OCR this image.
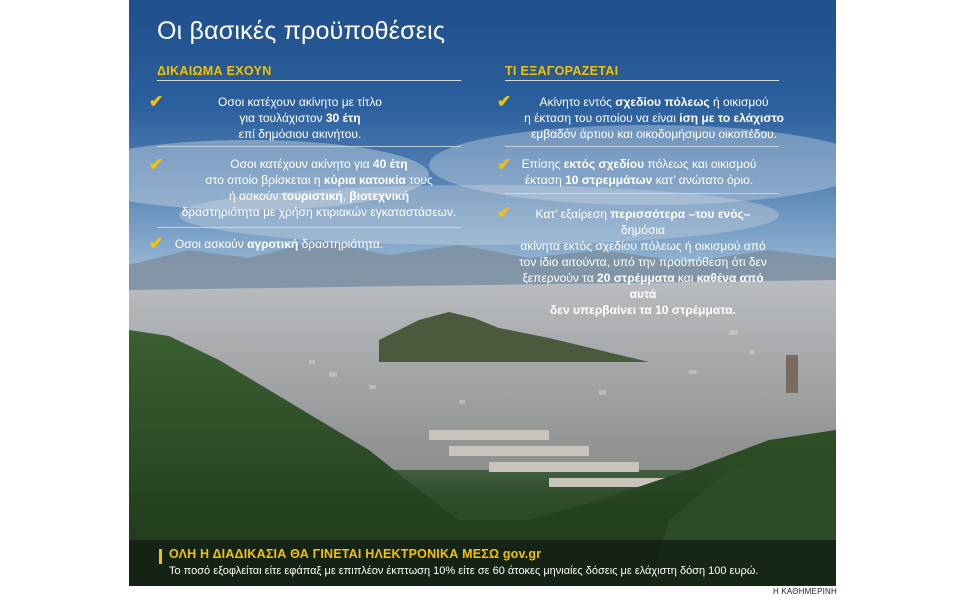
Οι βασικές προϋποθέσεις
ΔΙΚΑΙΩΜΑ ΕΧΟΥΝ
✔	Οσοι κατέχουν ακίνητο με τίτλο
για τουλάχιστον 30 έτη
επί δημόσιου ακινήτου.
✔	Οσοι κατέχουν ακίνητο για 40 έτη
στο οποίο βρίσκεται η κύρια κατοικία τους
ή ασκούν τουριστική, βιοτεχνική
δραστηριότητα με χρήση κτιριακών εγκαταστάσεων.
✔ Οσοι ασκούν αγροτική δραστηριότητα.
ΤΙ ΕΞΑΓΟΡΑΖΕΤΑΙ
✔	Ακίνητο εντός σχεδίου πόλεως ή οικισμού
η έκταση του οποίου να είναι ίση με το ελάχιστο
εμβαδόν άρτιου και οικοδομήσιμου οικοπέδου.
✔ Επίσης εκτός σχεδίου πόλεως και οικισμού
έκταση 10 στρεμμάτων κατ’ ανώτατο όριο.
✔	Κατ’ εξαίρεση περισσότερα –του ενός– δημόσια
ακίνητα εκτός σχεδίου πόλεως ή οικισμού από
τον ίδιο αιτούντα, υπό την προϋπόθεση ότι δεν
ξεπερνούν τα 20 στρέμματα και καθένα από αυτά
δεν υπερβαίνει τα 10 στρέμματα.
ΟΛΗ Η ΔΙΑΔΙΚΑΣΙΑ ΘΑ ΓΙΝΕΤΑΙ ΗΛΕΚΤΡΟΝΙΚΑ ΜΕΣΩ gov.gr
Το ποσό εξοφλείται είτε εφάπαξ με επιπλέον έκπτωση 10% είτε σε 60 άτοκες μηνιαίες δόσεις με ελάχιστη δόση 100 ευρώ.
Η ΚΑΘΗΜΕΡΙΝΗ
